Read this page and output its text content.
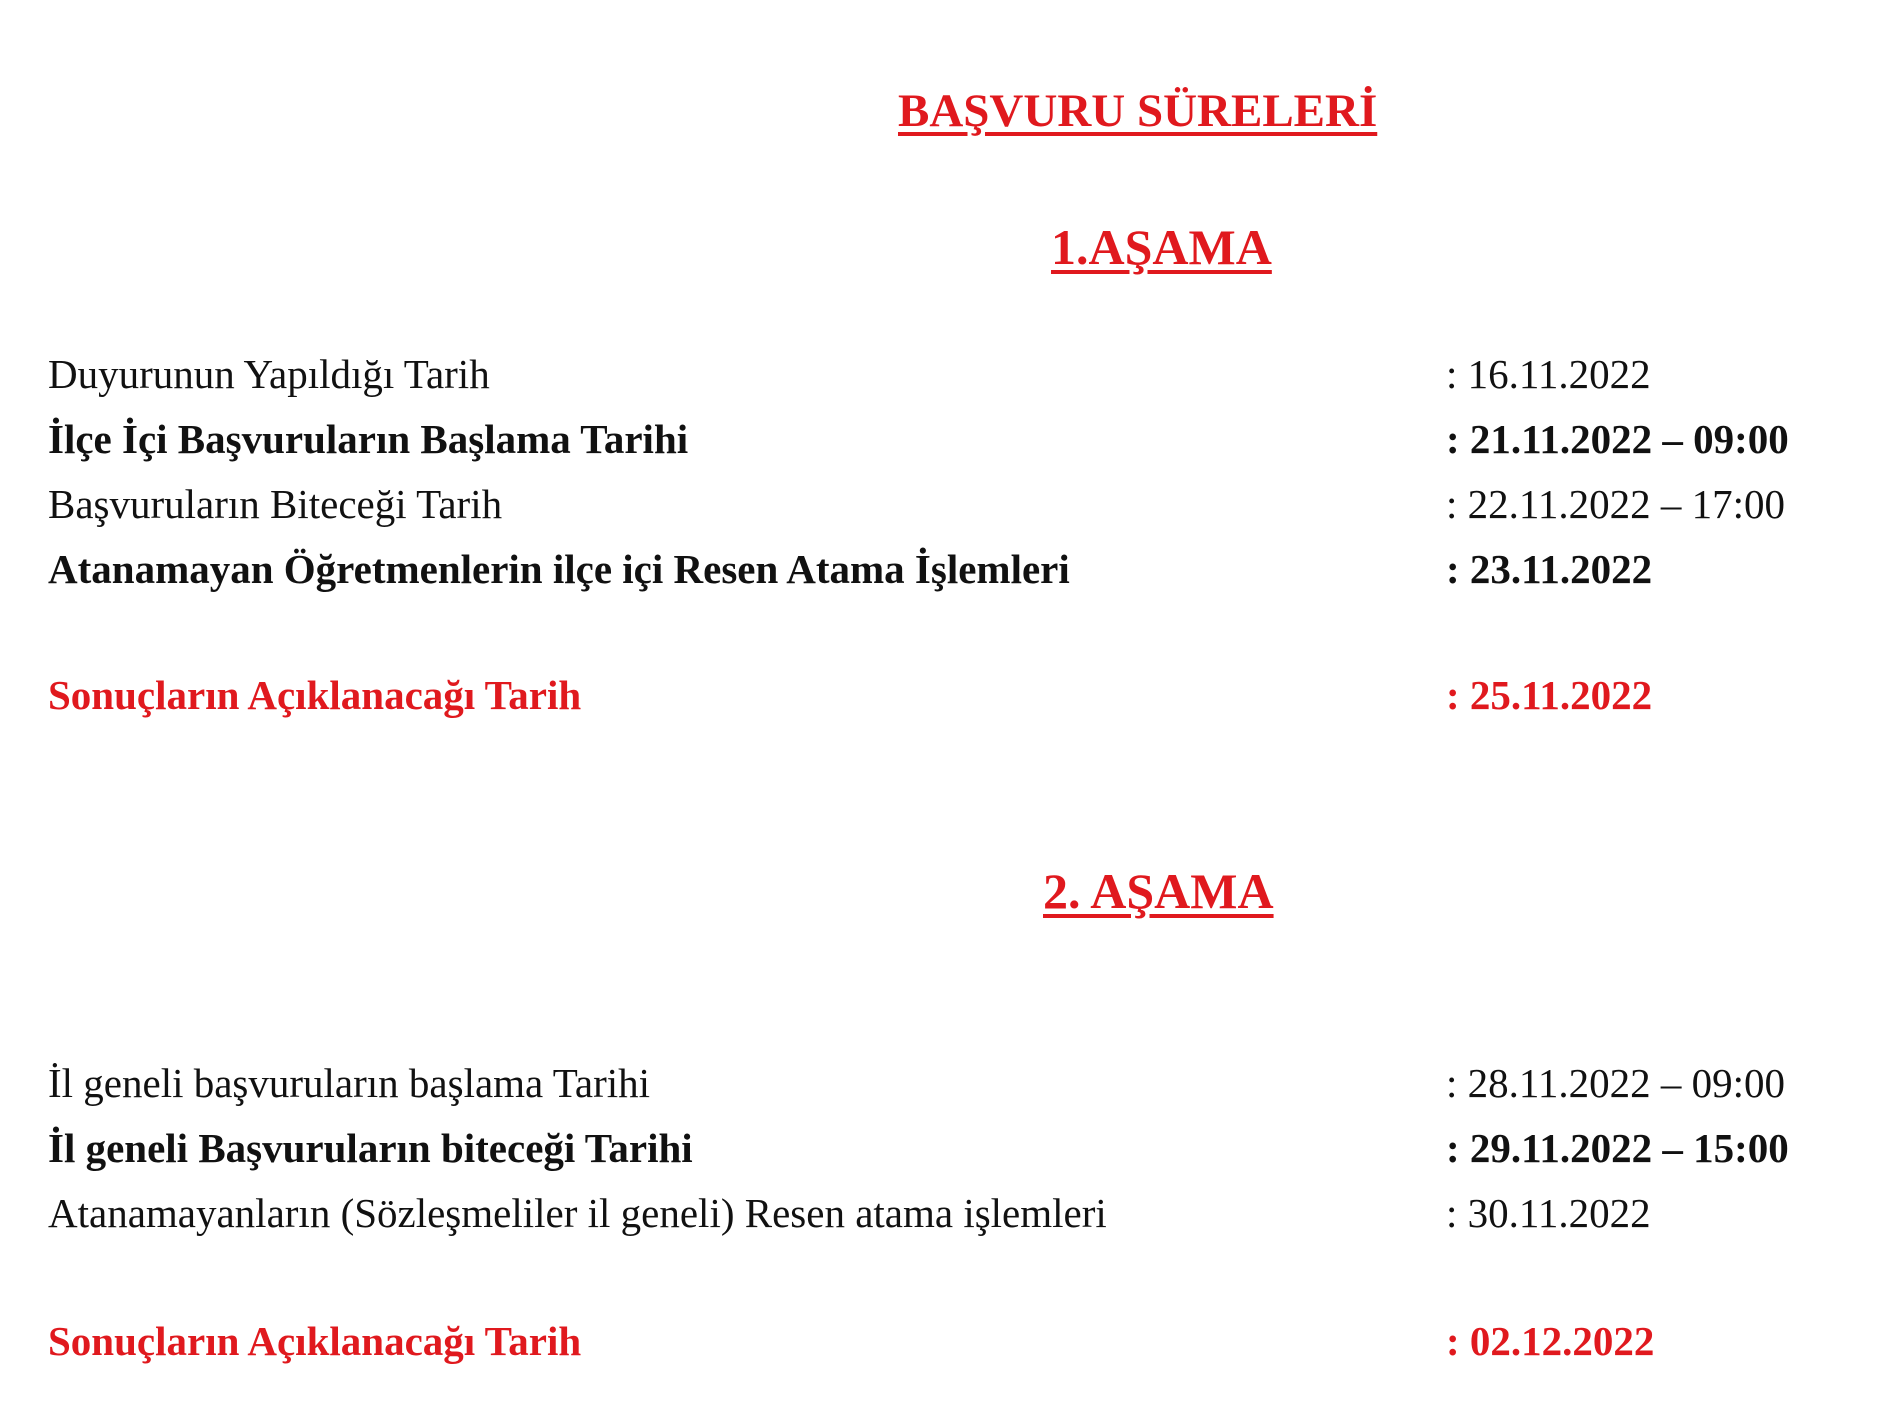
BAŞVURU SÜRELERİ
1.AŞAMA
Duyurunun Yapıldığı Tarih	: 16.11.2022
İlçe İçi Başvuruların Başlama Tarihi	: 21.11.2022 – 09:00
Başvuruların Biteceği Tarih	: 22.11.2022 – 17:00
Atanamayan Öğretmenlerin ilçe içi Resen Atama İşlemleri	: 23.11.2022
Sonuçların Açıklanacağı Tarih	: 25.11.2022
2. AŞAMA
İl geneli başvuruların başlama Tarihi	: 28.11.2022 – 09:00
İl geneli Başvuruların biteceği Tarihi	: 29.11.2022 – 15:00
Atanamayanların (Sözleşmeliler il geneli) Resen atama işlemleri	: 30.11.2022
Sonuçların Açıklanacağı Tarih	: 02.12.2022
